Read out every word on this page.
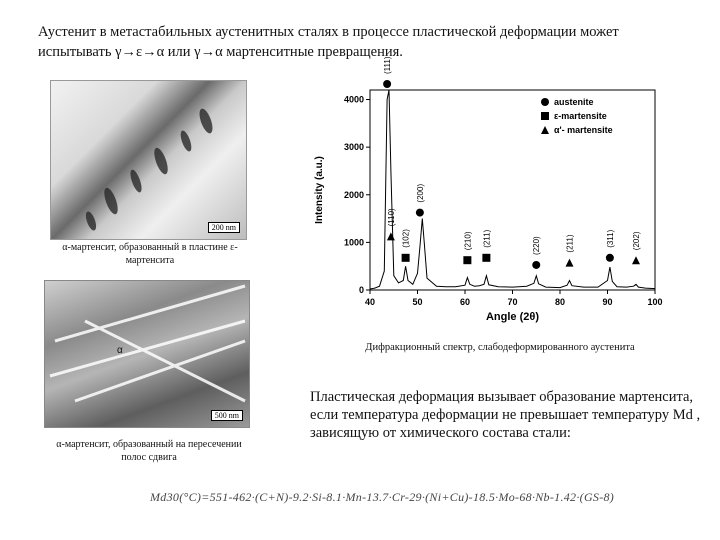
Аустенит в метастабильных аустенитных сталях в процессе пластической деформации может испытывать γ→ε→α или γ→α мартенситные превращения.
200 nm
α-мартенсит, образованный в пластине ε-мартенсита
α
500 nm
α-мартенсит, образованный на пересечении полос сдвига
40	50	60	70	80	90	100
0
1000
2000
3000
4000
Angle (2θ)
Intensity (a.u.)
(111)
(110)
(102)
(200)
(210) (211)	(220)	(211)	(311) (202)
austenite
ε-martensite
α'- martensite
Дифракционный спектр, слабодеформированного аустенита
Пластическая деформация вызывает образование мартенсита, если температура деформации не превышает температуру Md , зависящую от химического состава стали:
Md30(°C)=551-462·(C+N)-9.2·Si-8.1·Mn-13.7·Cr-29·(Ni+Cu)-18.5·Mo-68·Nb-1.42·(GS-8)
